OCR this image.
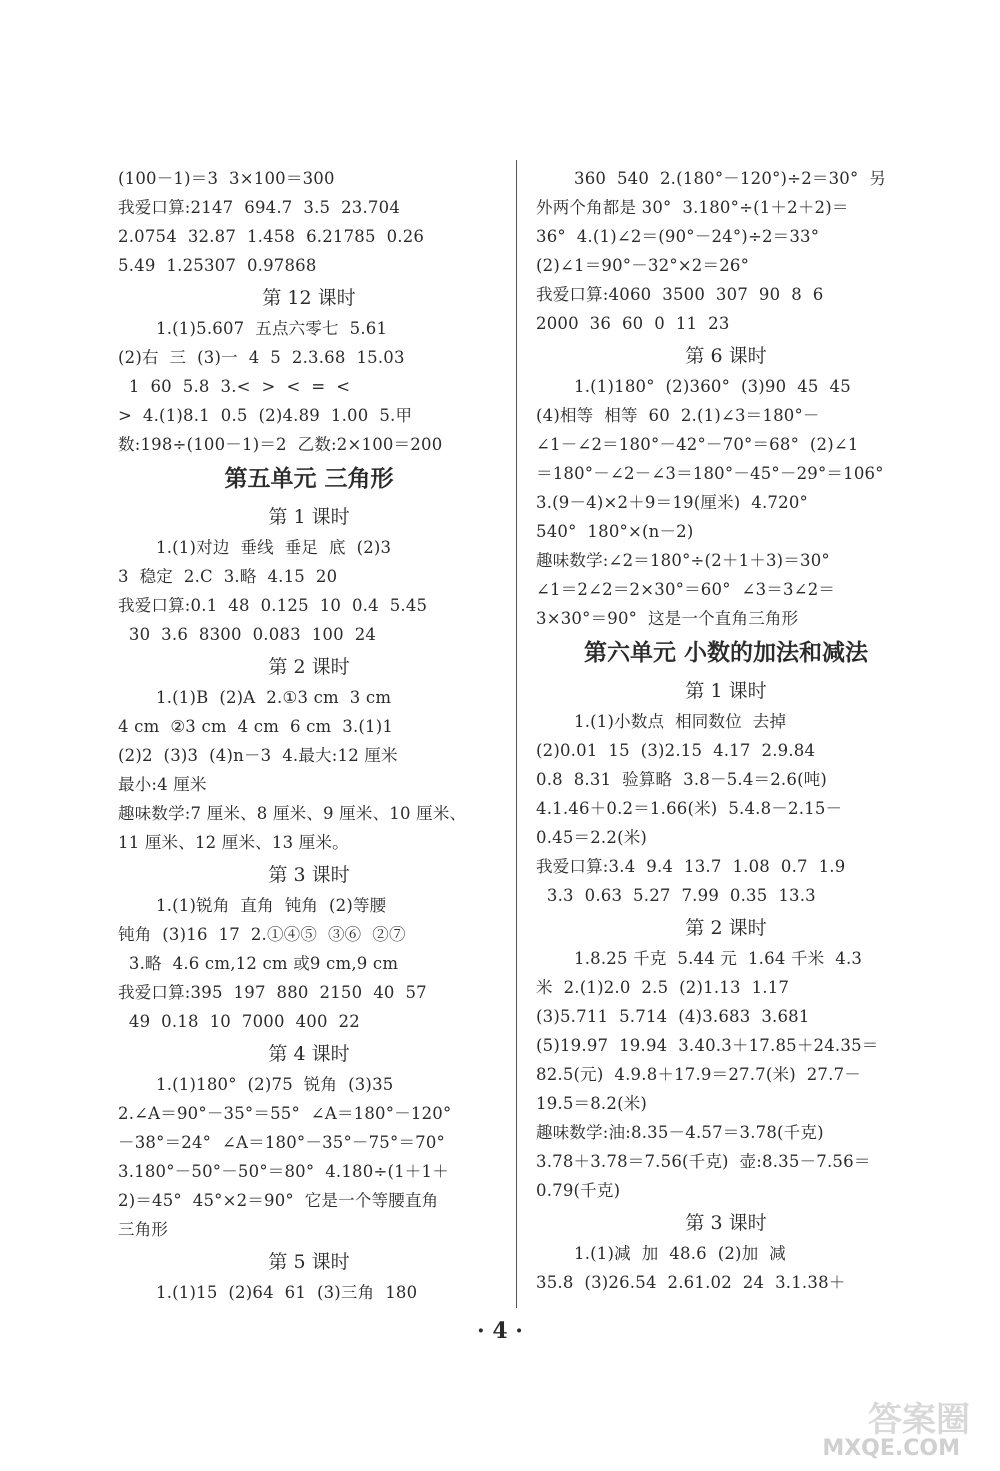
(100－1)＝3  3×100＝300
我爱口算:2147  694.7  3.5  23.704
2.0754  32.87  1.458  6.21785  0.26
5.49  1.25307  0.97868
第 12 课时
1.(1)5.607  五点六零七  5.61
(2)右  三  (3)一  4  5  2.3.68  15.03
1  60  5.8  3.<  >  <  =  <
>  4.(1)8.1  0.5  (2)4.89  1.00  5.甲
数:198÷(100－1)＝2  乙数:2×100＝200
第五单元 三角形
第 1 课时
1.(1)对边  垂线  垂足  底  (2)3
3  稳定  2.C  3.略  4.15  20
我爱口算:0.1  48  0.125  10  0.4  5.45
30  3.6  8300  0.083  100  24
第 2 课时
1.(1)B  (2)A  2.①3 cm  3 cm
4 cm  ②3 cm  4 cm  6 cm  3.(1)1
(2)2  (3)3  (4)n－3  4.最大:12 厘米
最小:4 厘米
趣味数学:7 厘米、8 厘米、9 厘米、10 厘米、
11 厘米、12 厘米、13 厘米。
第 3 课时
1.(1)锐角  直角  钝角  (2)等腰
钝角  (3)16  17  2.①④⑤  ③⑥  ②⑦
3.略  4.6 cm,12 cm 或9 cm,9 cm
我爱口算:395  197  880  2150  40  57
49  0.18  10  7000  400  22
第 4 课时
1.(1)180°  (2)75  锐角  (3)35
2.∠A＝90°－35°＝55°  ∠A＝180°－120°
－38°＝24°  ∠A＝180°－35°－75°＝70°
3.180°－50°－50°＝80°  4.180÷(1＋1＋
2)＝45°  45°×2＝90°  它是一个等腰直角
三角形
第 5 课时
1.(1)15  (2)64  61  (3)三角  180
360  540  2.(180°－120°)÷2＝30°  另
外两个角都是 30°  3.180°÷(1＋2＋2)＝
36°  4.(1)∠2＝(90°－24°)÷2＝33°
(2)∠1＝90°－32°×2＝26°
我爱口算:4060  3500  307  90  8  6
2000  36  60  0  11  23
第 6 课时
1.(1)180°  (2)360°  (3)90  45  45
(4)相等  相等  60  2.(1)∠3＝180°－
∠1－∠2＝180°－42°－70°＝68°  (2)∠1
＝180°－∠2－∠3＝180°－45°－29°＝106°
3.(9－4)×2＋9＝19(厘米)  4.720°
540°  180°×(n－2)
趣味数学:∠2＝180°÷(2＋1＋3)＝30°
∠1＝2∠2＝2×30°＝60°  ∠3＝3∠2＝
3×30°＝90°  这是一个直角三角形
第六单元 小数的加法和减法
第 1 课时
1.(1)小数点  相同数位  去掉
(2)0.01  15  (3)2.15  4.17  2.9.84
0.8  8.31  验算略  3.8－5.4＝2.6(吨)
4.1.46＋0.2＝1.66(米)  5.4.8－2.15－
0.45＝2.2(米)
我爱口算:3.4  9.4  13.7  1.08  0.7  1.9
3.3  0.63  5.27  7.99  0.35  13.3
第 2 课时
1.8.25 千克  5.44 元  1.64 千米  4.3
米  2.(1)2.0  2.5  (2)1.13  1.17
(3)5.711  5.714  (4)3.683  3.681
(5)19.97  19.94  3.40.3＋17.85＋24.35＝
82.5(元)  4.9.8＋17.9＝27.7(米)  27.7－
19.5＝8.2(米)
趣味数学:油:8.35－4.57＝3.78(千克)
3.78＋3.78＝7.56(千克)  壶:8.35－7.56＝
0.79(千克)
第 3 课时
1.(1)减  加  48.6  (2)加  减
35.8  (3)26.54  2.61.02  24  3.1.38＋
· 4 ·
答案圈
MXQE.COM
